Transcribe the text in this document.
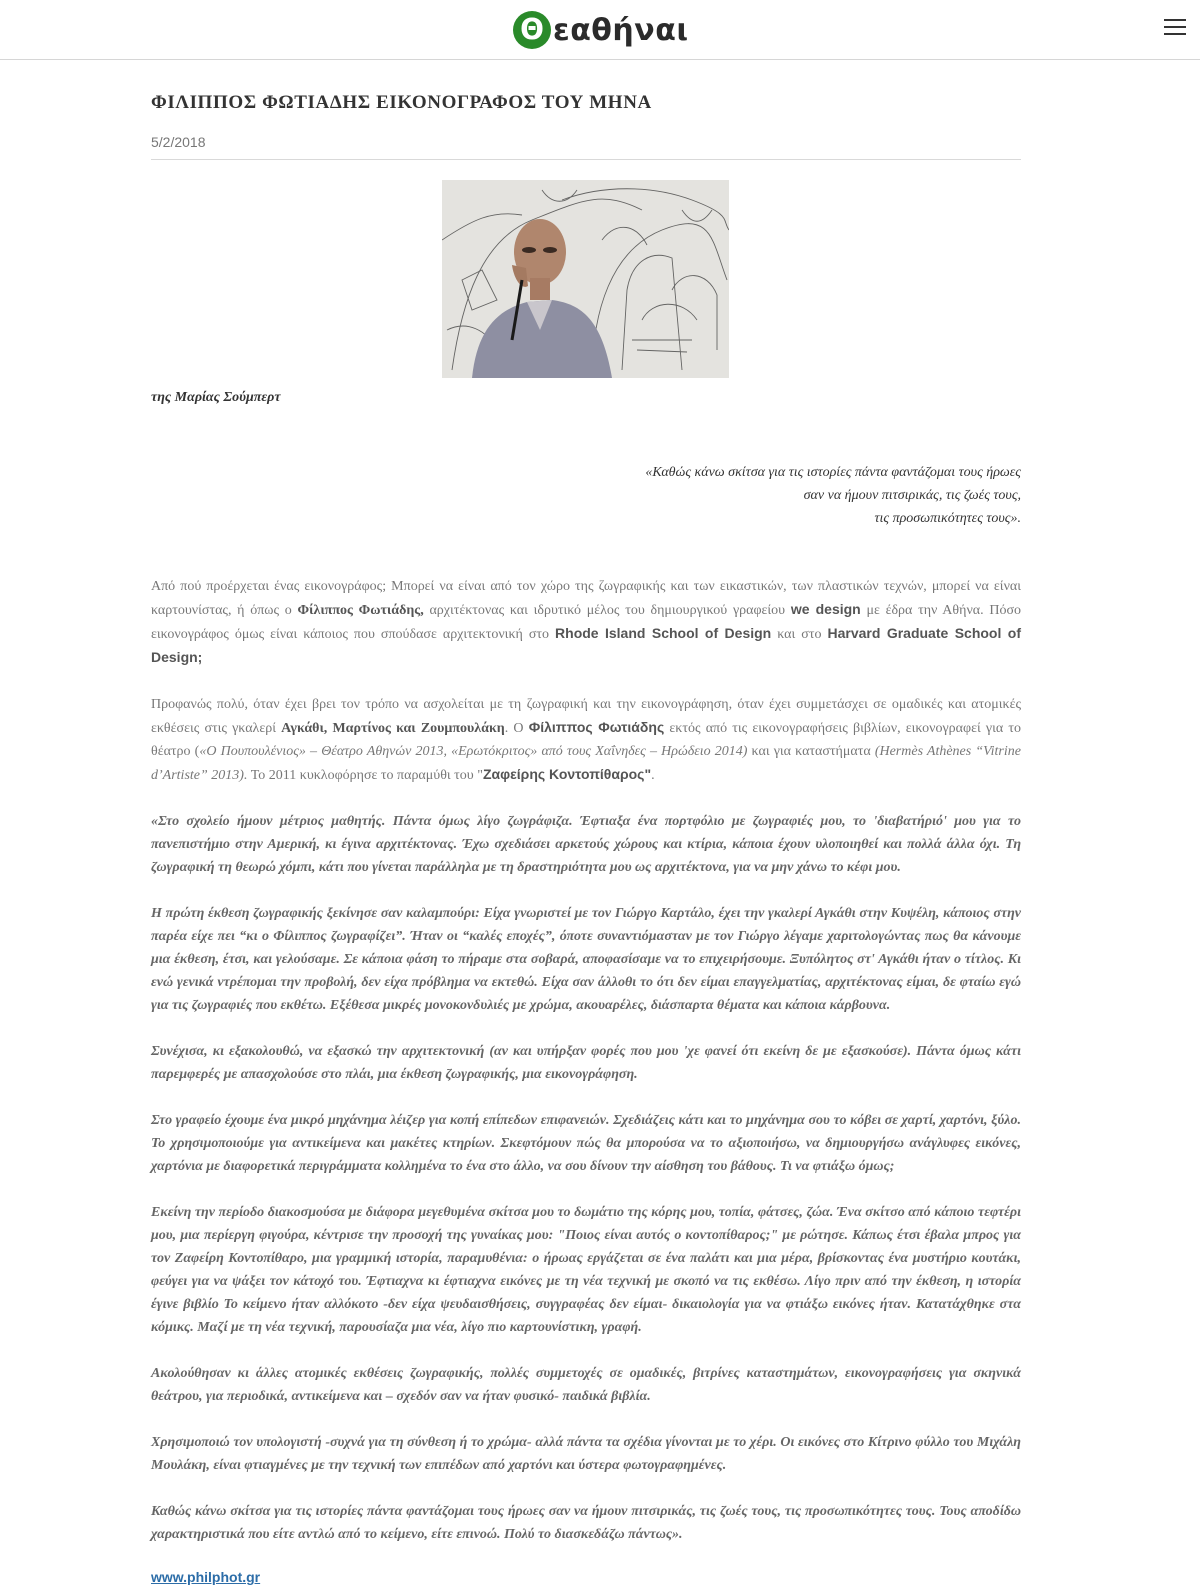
Θ εαθήναι
ΦΙΛΙΠΠΟΣ ΦΩΤΙΑΔΗΣ ΕΙΚΟΝΟΓΡΑΦΟΣ ΤΟΥ ΜΗΝΑ
5/2/2018
της Μαρίας Σούμπερτ
«Καθώς κάνω σκίτσα για τις ιστορίες πάντα φαντάζομαι τους ήρωες
σαν να ήμουν πιτσιρικάς, τις ζωές τους,
τις προσωπικότητες τους».

Από πού προέρχεται ένας εικονογράφος; Μπορεί να είναι από τον χώρο της ζωγραφικής και των εικαστικών, των πλαστικών τεχνών, μπορεί να είναι καρτουνίστας, ή όπως ο Φίλιππος Φωτιάδης, αρχιτέκτονας και ιδρυτικό μέλος του δημιουργικού γραφείου we design με έδρα την Αθήνα. Πόσο εικονογράφος όμως είναι κάποιος που σπούδασε αρχιτεκτονική στο Rhode Island School of Design και στο Harvard Graduate School of Design;

Προφανώς πολύ, όταν έχει βρει τον τρόπο να ασχολείται με τη ζωγραφική και την εικονογράφηση, όταν έχει συμμετάσχει σε ομαδικές και ατομικές εκθέσεις στις γκαλερί Αγκάθι, Μαρτίνος και Ζουμπουλάκη. Ο Φίλιππος Φωτιάδης εκτός από τις εικονογραφήσεις βιβλίων, εικονογραφεί για το θέατρο («Ο Πουπουλένιος» – Θέατρο Αθηνών 2013, «Ερωτόκριτος» από τους Χαΐνηδες – Ηρώδειο 2014) και για καταστήματα (Hermès Athènes “Vitrine d’Artiste” 2013). Το 2011 κυκλοφόρησε το παραμύθι του "Ζαφείρης Κοντοπίθαρος".

«Στο σχολείο ήμουν μέτριος μαθητής. Πάντα όμως λίγο ζωγράφιζα. Έφτιαξα ένα πορτφόλιο με ζωγραφιές μου, το 'διαβατήριό' μου για το πανεπιστήμιο στην Αμερική, κι έγινα αρχιτέκτονας. Έχω σχεδιάσει αρκετούς χώρους και κτίρια, κάποια έχουν υλοποιηθεί και πολλά άλλα όχι. Τη ζωγραφική τη θεωρώ χόμπι, κάτι που γίνεται παράλληλα με τη δραστηριότητα μου ως αρχιτέκτονα, για να μην χάνω το κέφι μου.

Η πρώτη έκθεση ζωγραφικής ξεκίνησε σαν καλαμπούρι: Είχα γνωριστεί με τον Γιώργο Καρτάλο, έχει την γκαλερί Αγκάθι στην Κυψέλη, κάποιος στην παρέα είχε πει “κι ο Φίλιππος ζωγραφίζει”. Ήταν οι “καλές εποχές”, όποτε συναντιόμασταν με τον Γιώργο λέγαμε χαριτολογώντας πως θα κάνουμε μια έκθεση, έτσι, και γελούσαμε. Σε κάποια φάση το πήραμε στα σοβαρά, αποφασίσαμε να το επιχειρήσουμε. Ξυπόλητος στ' Αγκάθι ήταν ο τίτλος. Κι ενώ γενικά ντρέπομαι την προβολή, δεν είχα πρόβλημα να εκτεθώ. Είχα σαν άλλοθι το ότι δεν είμαι επαγγελματίας, αρχιτέκτονας είμαι, δε φταίω εγώ για τις ζωγραφιές που εκθέτω. Εξέθεσα μικρές μονοκονδυλιές με χρώμα, ακουαρέλες, διάσπαρτα θέματα και κάποια κάρβουνα.

Συνέχισα, κι εξακολουθώ, να εξασκώ την αρχιτεκτονική (αν και υπήρξαν φορές που μου 'χε φανεί ότι εκείνη δε με εξασκούσε). Πάντα όμως κάτι παρεμφερές με απασχολούσε στο πλάι, μια έκθεση ζωγραφικής, μια εικονογράφηση.

Στο γραφείο έχουμε ένα μικρό μηχάνημα λέιζερ για κοπή επίπεδων επιφανειών. Σχεδιάζεις κάτι και το μηχάνημα σου το κόβει σε χαρτί, χαρτόνι, ξύλο. Το χρησιμοποιούμε για αντικείμενα και μακέτες κτηρίων. Σκεφτόμουν πώς θα μπορούσα να το αξιοποιήσω, να δημιουργήσω ανάγλυφες εικόνες, χαρτόνια με διαφορετικά περιγράμματα κολλημένα το ένα στο άλλο, να σου δίνουν την αίσθηση του βάθους. Τι να φτιάξω όμως;

Εκείνη την περίοδο διακοσμούσα με διάφορα μεγεθυμένα σκίτσα μου το δωμάτιο της κόρης μου, τοπία, φάτσες, ζώα. Ένα σκίτσο από κάποιο τεφτέρι μου, μια περίεργη φιγούρα, κέντρισε την προσοχή της γυναίκας μου: "Ποιος είναι αυτός ο κοντοπίθαρος;" με ρώτησε. Κάπως έτσι έβαλα μπρος για τον Ζαφείρη Κοντοπίθαρο, μια γραμμική ιστορία, παραμυθένια: ο ήρωας εργάζεται σε ένα παλάτι και μια μέρα, βρίσκοντας ένα μυστήριο κουτάκι, φεύγει για να ψάξει τον κάτοχό του. Έφτιαχνα κι έφτιαχνα εικόνες με τη νέα τεχνική με σκοπό να τις εκθέσω. Λίγο πριν από την έκθεση, η ιστορία έγινε βιβλίο Το κείμενο ήταν αλλόκοτο -δεν είχα ψευδαισθήσεις, συγγραφέας δεν είμαι- δικαιολογία για να φτιάξω εικόνες ήταν. Κατατάχθηκε στα κόμικς. Μαζί με τη νέα τεχνική, παρουσίαζα μια νέα, λίγο πιο καρτουνίστικη, γραφή.

Ακολούθησαν κι άλλες ατομικές εκθέσεις ζωγραφικής, πολλές συμμετοχές σε ομαδικές, βιτρίνες καταστημάτων, εικονογραφήσεις για σκηνικά θεάτρου, για περιοδικά, αντικείμενα και – σχεδόν σαν να ήταν φυσικό- παιδικά βιβλία.

Χρησιμοποιώ τον υπολογιστή -συχνά για τη σύνθεση ή το χρώμα- αλλά πάντα τα σχέδια γίνονται με το χέρι. Οι εικόνες στο Κίτρινο φύλλο του Μιχάλη Μουλάκη, είναι φτιαγμένες με την τεχνική των επιπέδων από χαρτόνι και ύστερα φωτογραφημένες.

Καθώς κάνω σκίτσα για τις ιστορίες πάντα φαντάζομαι τους ήρωες σαν να ήμουν πιτσιρικάς, τις ζωές τους, τις προσωπικότητες τους. Τους αποδίδω χαρακτηριστικά που είτε αντλώ από το κείμενο, είτε επινοώ. Πολύ το διασκεδάζω πάντως».

www.philphot.gr
